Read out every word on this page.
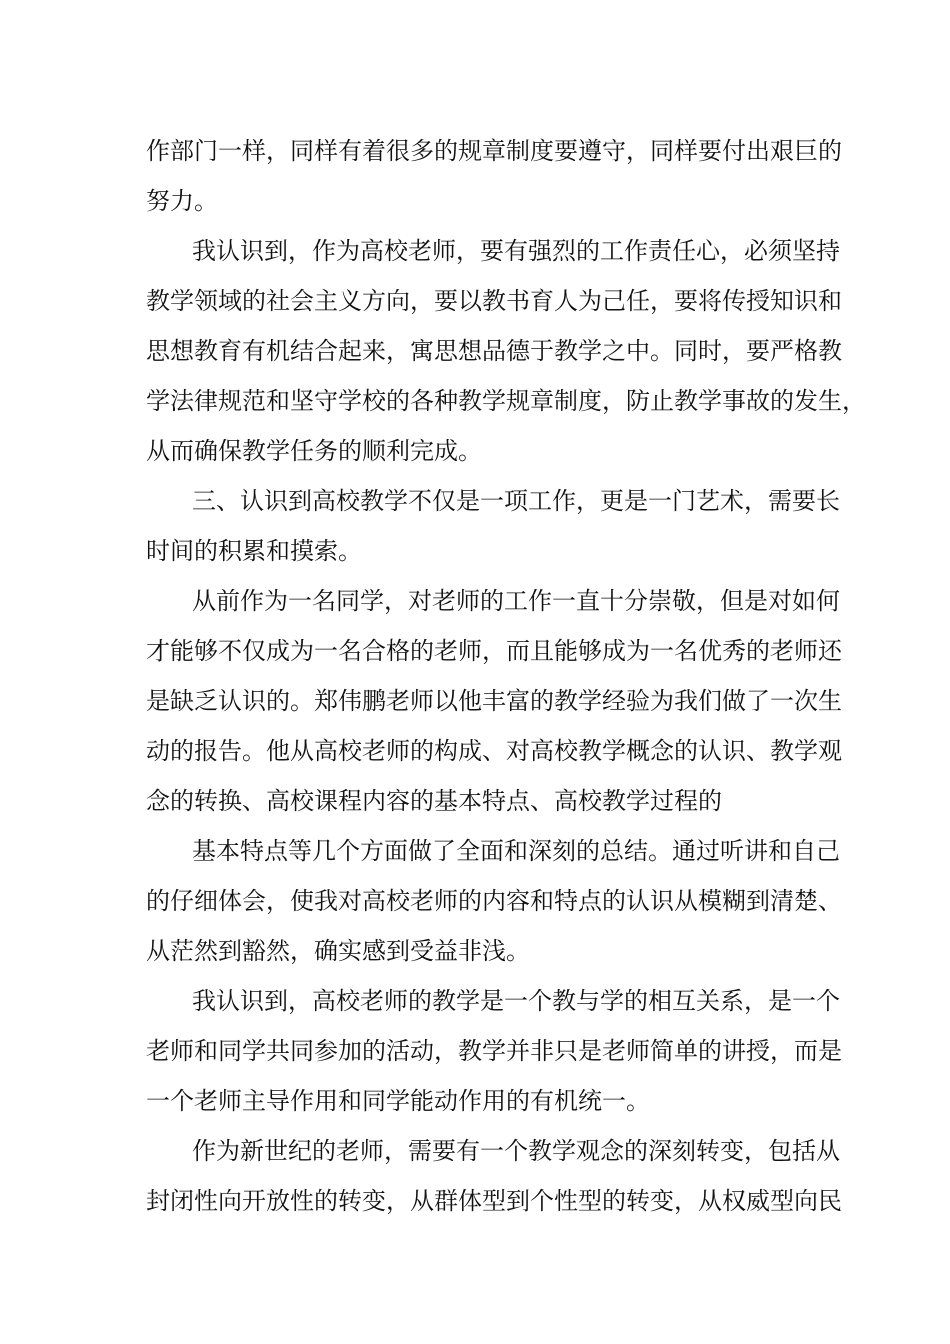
作部门一样，同样有着很多的规章制度要遵守，同样要付出艰巨的
努力。
我认识到，作为高校老师，要有强烈的工作责任心，必须坚持
教学领域的社会主义方向，要以教书育人为己任，要将传授知识和
思想教育有机结合起来，寓思想品德于教学之中。同时，要严格教
学法律规范和坚守学校的各种教学规章制度，防止教学事故的发生，
从而确保教学任务的顺利完成。
三、认识到高校教学不仅是一项工作，更是一门艺术，需要长
时间的积累和摸索。
从前作为一名同学，对老师的工作一直十分崇敬，但是对如何
才能够不仅成为一名合格的老师，而且能够成为一名优秀的老师还
是缺乏认识的。郑伟鹏老师以他丰富的教学经验为我们做了一次生
动的报告。他从高校老师的构成、对高校教学概念的认识、教学观
念的转换、高校课程内容的基本特点、高校教学过程的
基本特点等几个方面做了全面和深刻的总结。通过听讲和自己
的仔细体会，使我对高校老师的内容和特点的认识从模糊到清楚、
从茫然到豁然，确实感到受益非浅。
我认识到，高校老师的教学是一个教与学的相互关系，是一个
老师和同学共同参加的活动，教学并非只是老师简单的讲授，而是
一个老师主导作用和同学能动作用的有机统一。
作为新世纪的老师，需要有一个教学观念的深刻转变，包括从
封闭性向开放性的转变，从群体型到个性型的转变，从权威型向民
